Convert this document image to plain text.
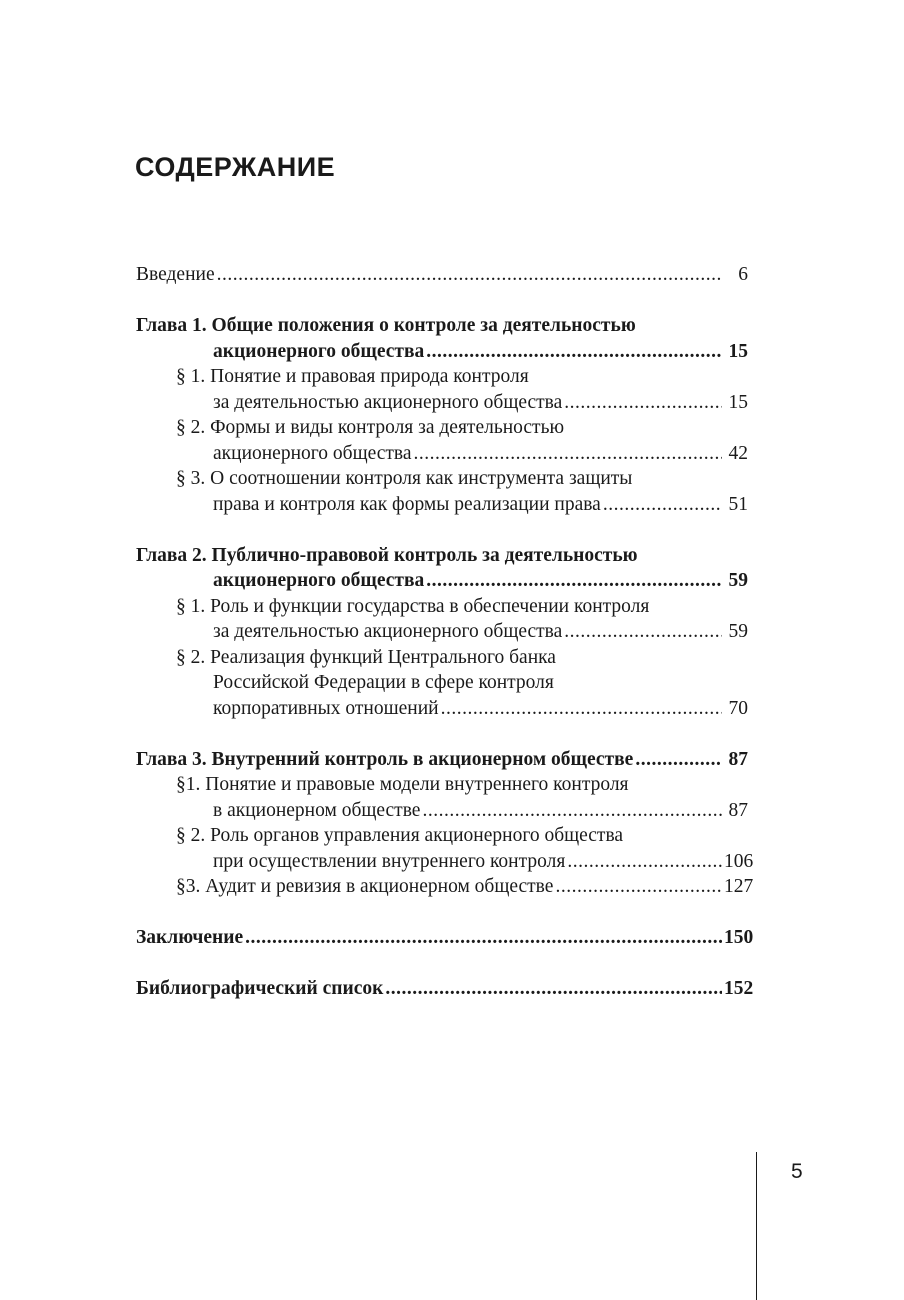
СОДЕРЖАНИЕ
Введение .....	6
Глава 1. Общие положения о контроле за деятельностью
акционерного общества .....	15
§ 1. Понятие и правовая природа контроля
за деятельностью акционерного общества .....	15
§ 2. Формы и виды контроля за деятельностью
акционерного общества .....	42
§ 3. О соотношении контроля как инструмента защиты
права и контроля как формы реализации права .....	51
Глава 2. Публично-правовой контроль за деятельностью
акционерного общества .....	59
§ 1. Роль и функции государства в обеспечении контроля
за деятельностью акционерного общества .....	59
§ 2. Реализация функций Центрального банка
Российской Федерации в сфере контроля
корпоративных отношений .....	70
Глава 3. Внутренний контроль в акционерном обществе .....	87
§1. Понятие и правовые модели внутреннего контроля
в акционерном обществе .....	87
§ 2. Роль органов управления акционерного общества
при осуществлении внутреннего контроля .....	106
§3. Аудит и ревизия в акционерном обществе .....	127
Заключение .....	150
Библиографический список .....	152
5
